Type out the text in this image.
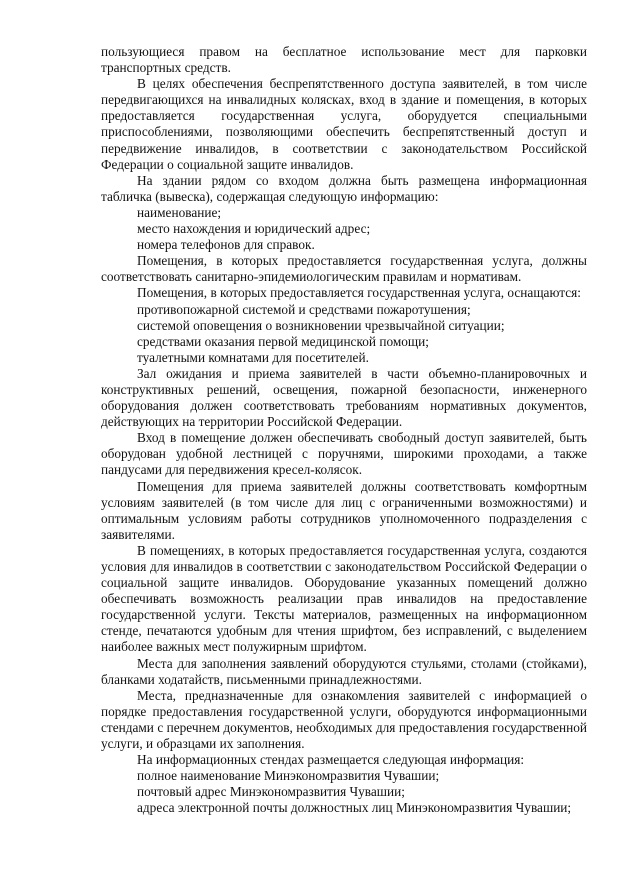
пользующиеся правом на бесплатное использование мест для парковки транспортных средств.

В целях обеспечения беспрепятственного доступа заявителей, в том числе передвигающихся на инвалидных колясках, вход в здание и помещения, в которых предоставляется государственная услуга, оборудуется специальными приспособлениями, позволяющими обеспечить беспрепятственный доступ и передвижение инвалидов, в соответствии с законодательством Российской Федерации о социальной защите инвалидов.

На здании рядом со входом должна быть размещена информационная табличка (вывеска), содержащая следующую информацию:

наименование;

место нахождения и юридический адрес;

номера телефонов для справок.

Помещения, в которых предоставляется государственная услуга, должны соответствовать санитарно-эпидемиологическим правилам и нормативам.

Помещения, в которых предоставляется государственная услуга, оснащаются:

противопожарной системой и средствами пожаротушения;

системой оповещения о возникновении чрезвычайной ситуации;

средствами оказания первой медицинской помощи;

туалетными комнатами для посетителей.

Зал ожидания и приема заявителей в части объемно-планировочных и конструктивных решений, освещения, пожарной безопасности, инженерного оборудования должен соответствовать требованиям нормативных документов, действующих на территории Российской Федерации.

Вход в помещение должен обеспечивать свободный доступ заявителей, быть оборудован удобной лестницей с поручнями, широкими проходами, а также пандусами для передвижения кресел-колясок.

Помещения для приема заявителей должны соответствовать комфортным условиям заявителей (в том числе для лиц с ограниченными возможностями) и оптимальным условиям работы сотрудников уполномоченного подразделения с заявителями.

В помещениях, в которых предоставляется государственная услуга, создаются условия для инвалидов в соответствии с законодательством Российской Федерации о социальной защите инвалидов. Оборудование указанных помещений должно обеспечивать возможность реализации прав инвалидов на предоставление государственной услуги. Тексты материалов, размещенных на информационном стенде, печатаются удобным для чтения шрифтом, без исправлений, с выделением наиболее важных мест полужирным шрифтом.

Места для заполнения заявлений оборудуются стульями, столами (стойками), бланками ходатайств, письменными принадлежностями.

Места, предназначенные для ознакомления заявителей с информацией о порядке предоставления государственной услуги, оборудуются информационными стендами с перечнем документов, необходимых для предоставления государственной услуги, и образцами их заполнения.

На информационных стендах размещается следующая информация:

полное наименование Минэкономразвития Чувашии;

почтовый адрес Минэкономразвития Чувашии;

адреса электронной почты должностных лиц Минэкономразвития Чувашии;
